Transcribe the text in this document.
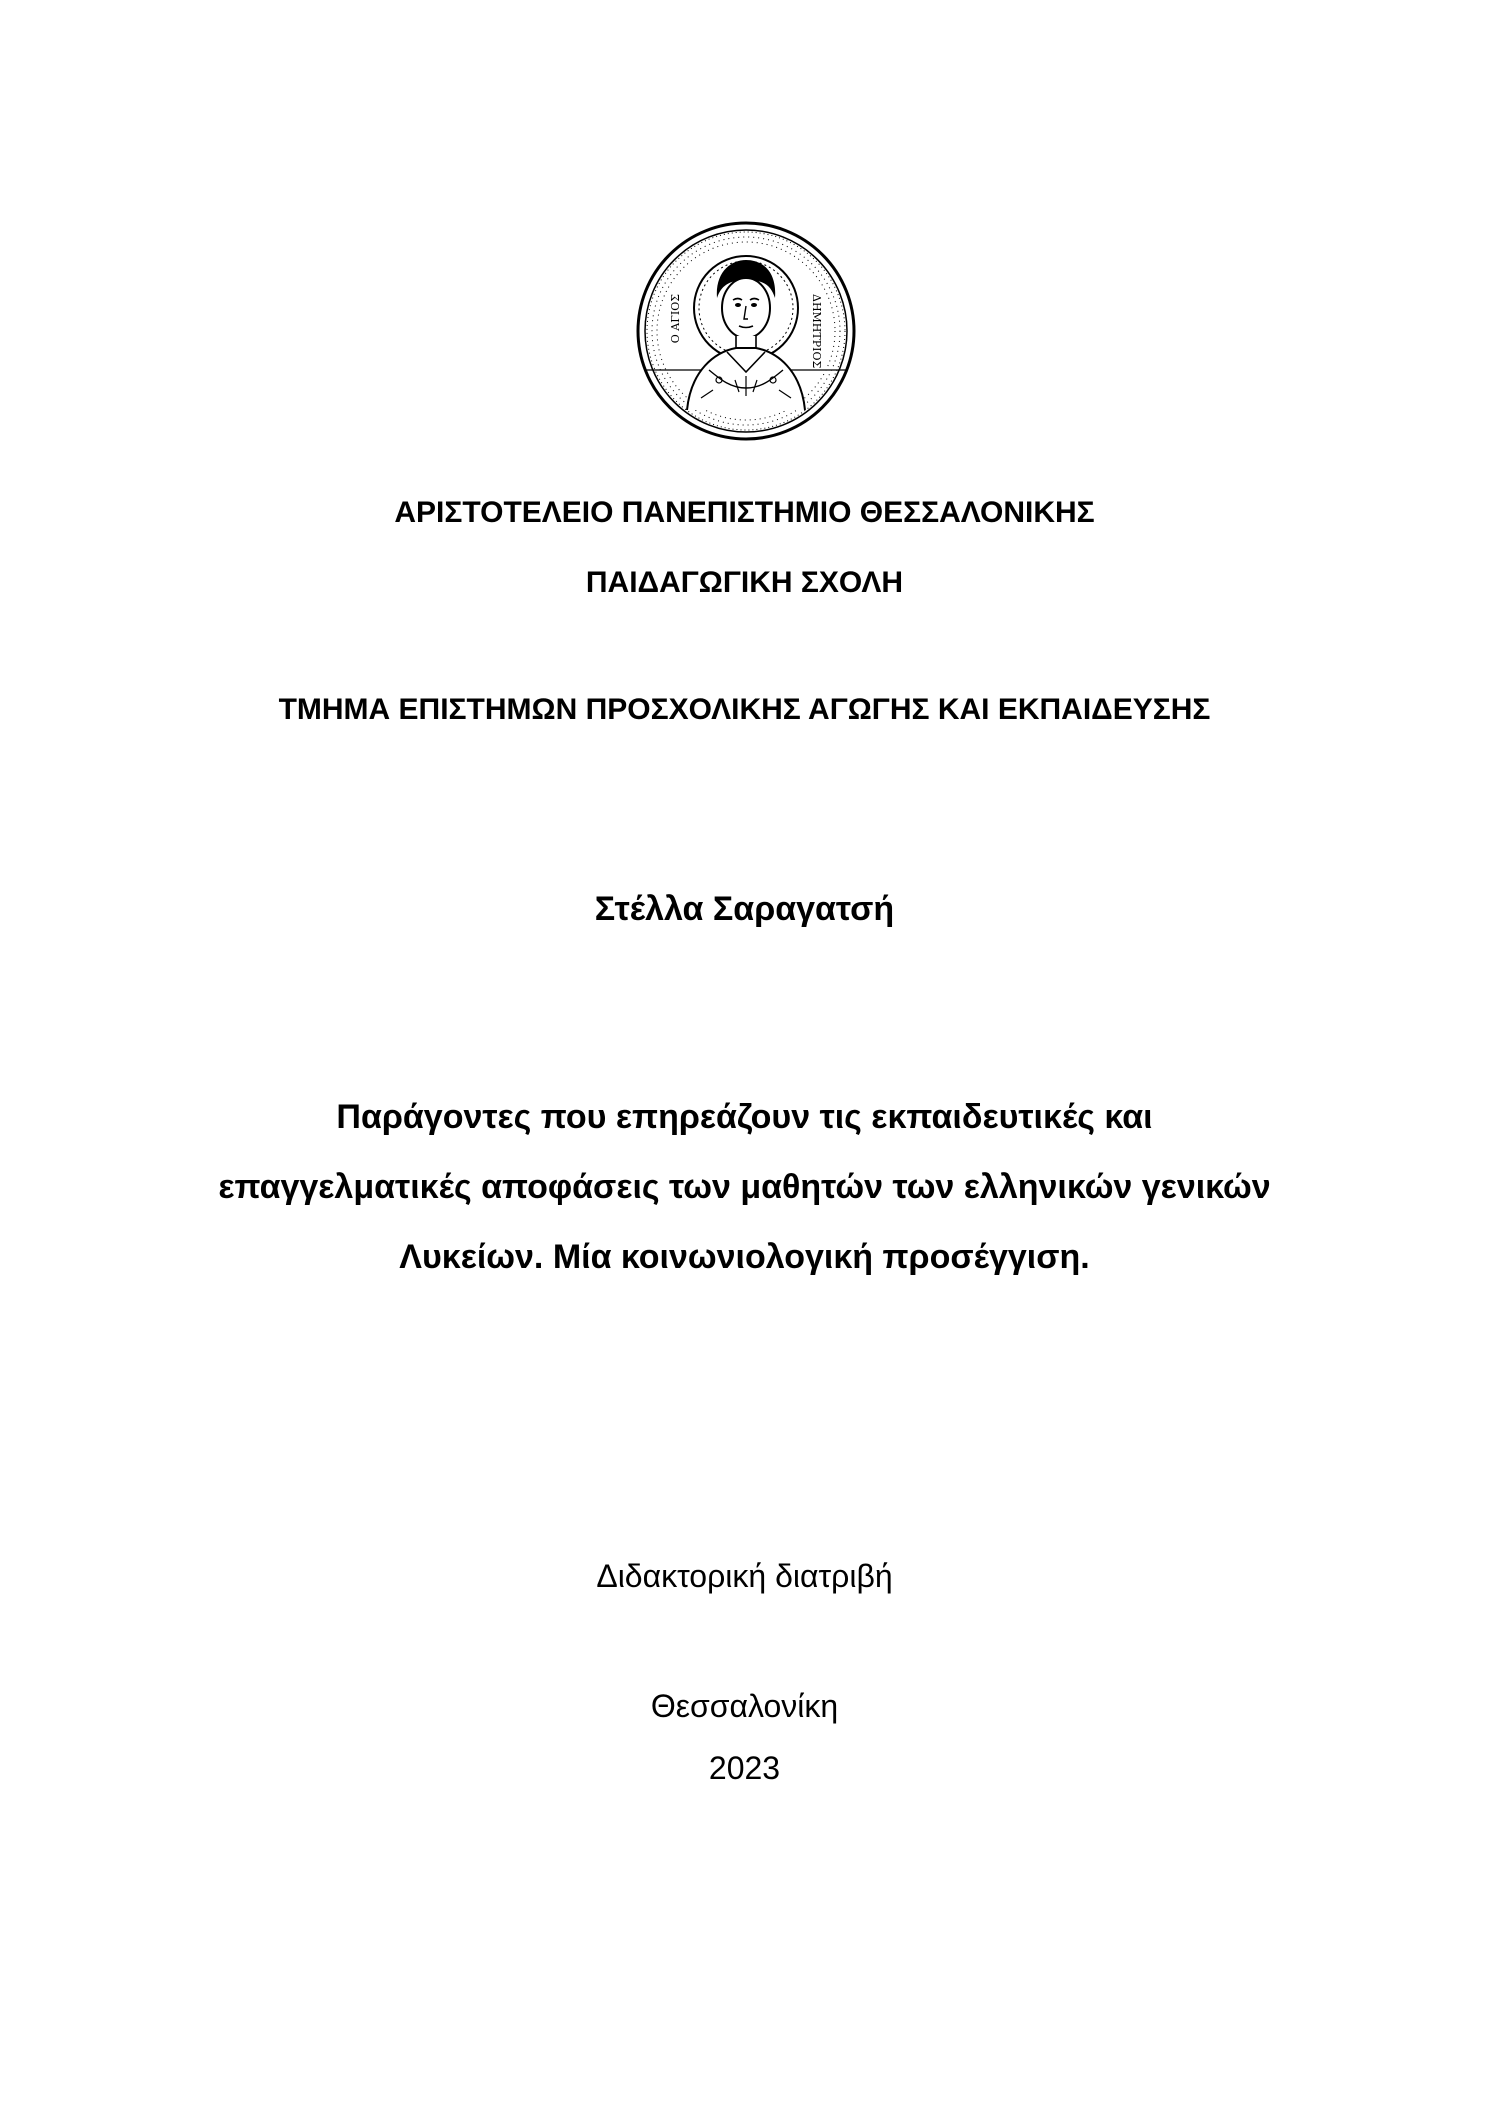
Ο ΑΓΙΟΣ	ΔΗΜΗΤΡΙΟΣ
ΑΡΙΣΤΟΤΕΛΕΙΟ ΠΑΝΕΠΙΣΤΗΜΙΟ ΘΕΣΣΑΛΟΝΙΚΗΣ
ΠΑΙΔΑΓΩΓΙΚΗ ΣΧΟΛΗ
ΤΜΗΜΑ ΕΠΙΣΤΗΜΩΝ ΠΡΟΣΧΟΛΙΚΗΣ ΑΓΩΓΗΣ ΚΑΙ ΕΚΠΑΙΔΕΥΣΗΣ
Στέλλα Σαραγατσή
Παράγοντες που επηρεάζουν τις εκπαιδευτικές και
επαγγελματικές αποφάσεις των μαθητών των ελληνικών γενικών
Λυκείων. Μία κοινωνιολογική προσέγγιση.
Διδακτορική διατριβή
Θεσσαλονίκη
2023
